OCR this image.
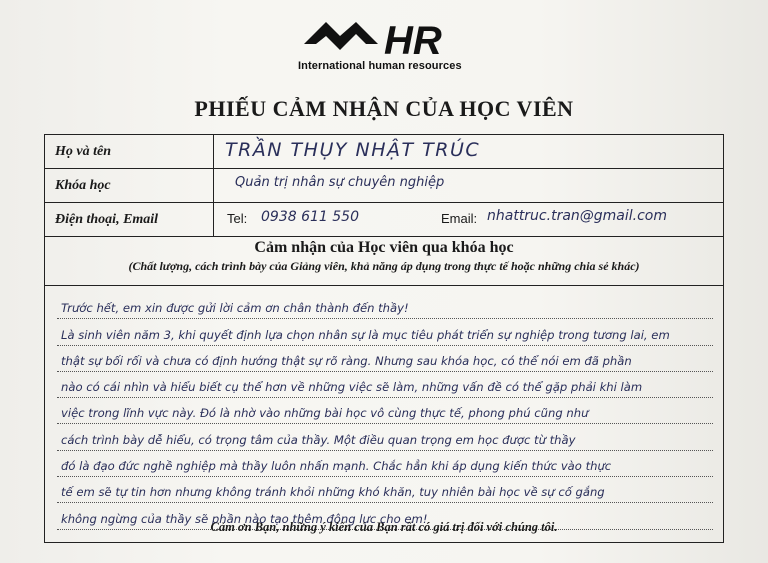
HR
International human resources
PHIẾU CẢM NHẬN CỦA HỌC VIÊN
Họ và tên	TRẦN THỤY NHẬT TRÚC
Khóa học	Quản trị nhân sự chuyên nghiệp
Điện thoại, Email	Tel: 0938 611 550	Email: nhattruc.tran@gmail.com
Cảm nhận của Học viên qua khóa học
(Chất lượng, cách trình bày của Giảng viên, khả năng áp dụng trong thực tế hoặc những chia sẻ khác)
Trước hết, em xin được gửi lời cảm ơn chân thành đến thầy!
Là sinh viên năm 3, khi quyết định lựa chọn nhân sự là mục tiêu phát triển sự nghiệp trong tương lai, em
thật sự bối rối và chưa có định hướng thật sự rõ ràng. Nhưng sau khóa học, có thể nói em đã phần
nào có cái nhìn và hiểu biết cụ thể hơn về những việc sẽ làm, những vấn đề có thể gặp phải khi làm
việc trong lĩnh vực này. Đó là nhờ vào những bài học vô cùng thực tế, phong phú cũng như
cách trình bày dễ hiểu, có trọng tâm của thầy. Một điều quan trọng em học được từ thầy
đó là đạo đức nghề nghiệp mà thầy luôn nhấn mạnh. Chắc hẳn khi áp dụng kiến thức vào thực
tế em sẽ tự tin hơn nhưng không tránh khỏi những khó khăn, tuy nhiên bài học về sự cố gắng
không ngừng của thầy sẽ phần nào tạo thêm động lực cho em!
Cảm ơn Bạn, những ý kiến của Bạn rất có giá trị đối với chúng tôi.
